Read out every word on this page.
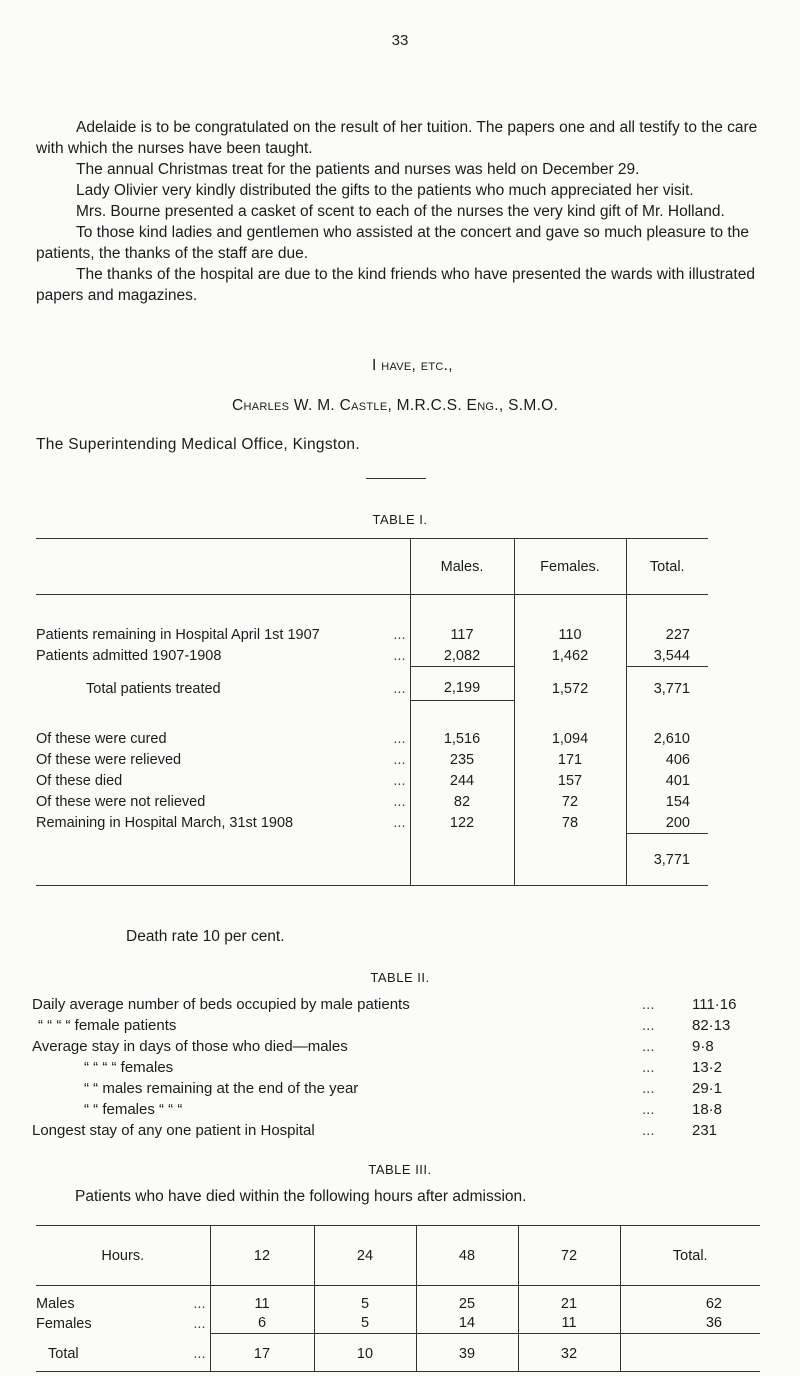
33

Adelaide is to be congratulated on the result of her tuition. The papers one and all testify to the care with which the nurses have been taught.

The annual Christmas treat for the patients and nurses was held on December 29.

Lady Olivier very kindly distributed the gifts to the patients who much appreciated her visit.

Mrs. Bourne presented a casket of scent to each of the nurses the very kind gift of Mr. Holland.

To those kind ladies and gentlemen who assisted at the concert and gave so much pleasure to the patients, the thanks of the staff are due.

The thanks of the hospital are due to the kind friends who have presented the wards with illustrated papers and magazines.

I have, etc.,
Charles W. M. Castle, M.R.C.S. Eng., S.M.O.
The Superintending Medical Office, Kingston.
TABLE I.
		Males.	Females.	Total.

Patients remaining in Hospital April 1st 1907	...	117	110	227
Patients admitted 1907-1908	...	2,082	1,462	3,544

Total patients treated	...	2,199	1,572	3,771

Of these were cured	...	1,516	1,094	2,610
Of these were relieved	...	235	171	406
Of these died	...	244	157	401
Of these were not relieved	...	82	72	154
Remaining in Hospital March, 31st 1908	...	122	78	200
				3,771
Death rate 10 per cent.
TABLE II.
Daily average number of beds occupied by male patients	... 111·16
“ “ “ “ female patients	... 82·13
Average stay in days of those who died—males	... 9·8
“ “ “ “ females	... 13·2
“ “ males remaining at the end of the year	... 29·1
“ “ females “ “ “	... 18·8
Longest stay of any one patient in Hospital	... 231
TABLE III.
Patients who have died within the following hours after admission.
Hours.		12	24	48	72	Total.

Males	...	11	5	25	21	62
Females	...	6	5	14	11	36

Total	...	17	10	39	32	
